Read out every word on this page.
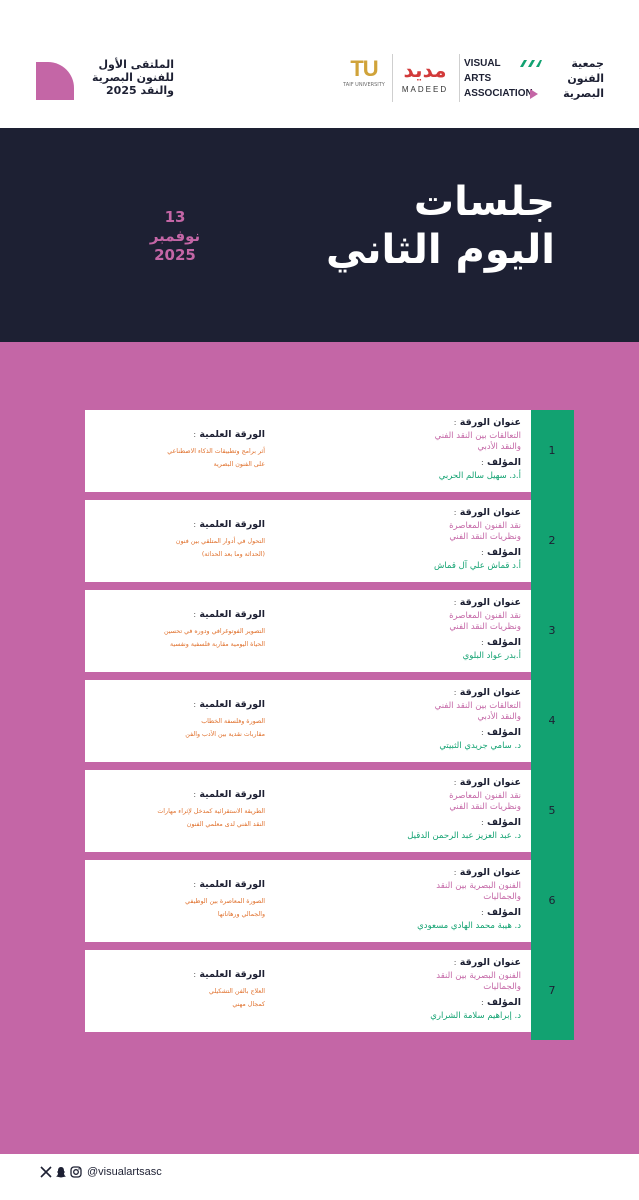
الملتقى الأول
للفنون البصرية
والنقد 2025
TU
TAIF UNIVERSITY
مديد
MADEED
VISUAL
ARTS
ASSOCIATION
جمعية
الفنون
البصرية
جلسات
اليوم الثاني
13 نوفمبر
2025
1
عنوان الورقة :
التعالقات بين النقد الفني
والنقد الأدبي
المؤلف :
أ.د. سهيل سالم الحربي
الورقة العلمية :
أثر برامج وتطبيقات الذكاء الاصطناعي
على الفنون البصرية
2
عنوان الورقة :
نقد الفنون المعاصرة
ونظريات النقد الفني
المؤلف :
أ.د قماش علي آل قماش
الورقة العلمية :
التحول في أدوار المتلقي بين فنون
(الحداثة وما بعد الحداثة)
3
عنوان الورقة :
نقد الفنون المعاصرة
ونظريات النقد الفني
المؤلف :
أ.بدر عواد البلوي
الورقة العلمية :
التصوير الفوتوغرافي ودوره في تحسين
الحياة اليومية مقاربة فلسفية ونفسية
4
عنوان الورقة :
التعالقات بين النقد الفني
والنقد الأدبي
المؤلف :
د. سامي جريدي الثبيتي
الورقة العلمية :
الصورة وفلسفة الخطاب
مقاربات نقدية بين الأدب والفن
5
عنوان الورقة :
نقد الفنون المعاصرة
ونظريات النقد الفني
المؤلف :
د. عبد العزيز عبد الرحمن الدقيل
الورقة العلمية :
الطريقة الاستقرائية كمدخل لإثراء مهارات
النقد الفني لدى معلمي الفنون
6
عنوان الورقة :
الفنون البصرية بين النقد
والجماليات
المؤلف :
د. هيبة محمد الهادي مسعودي
الورقة العلمية :
الصورة المعاصرة بين الوظيفي
والجمالي ورهاناتها
7
عنوان الورقة :
الفنون البصرية بين النقد
والجماليات
المؤلف :
د. إبراهيم سلامة الشراري
الورقة العلمية :
العلاج بالفن التشكيلي
كمجال مهني
@visualartsasc
